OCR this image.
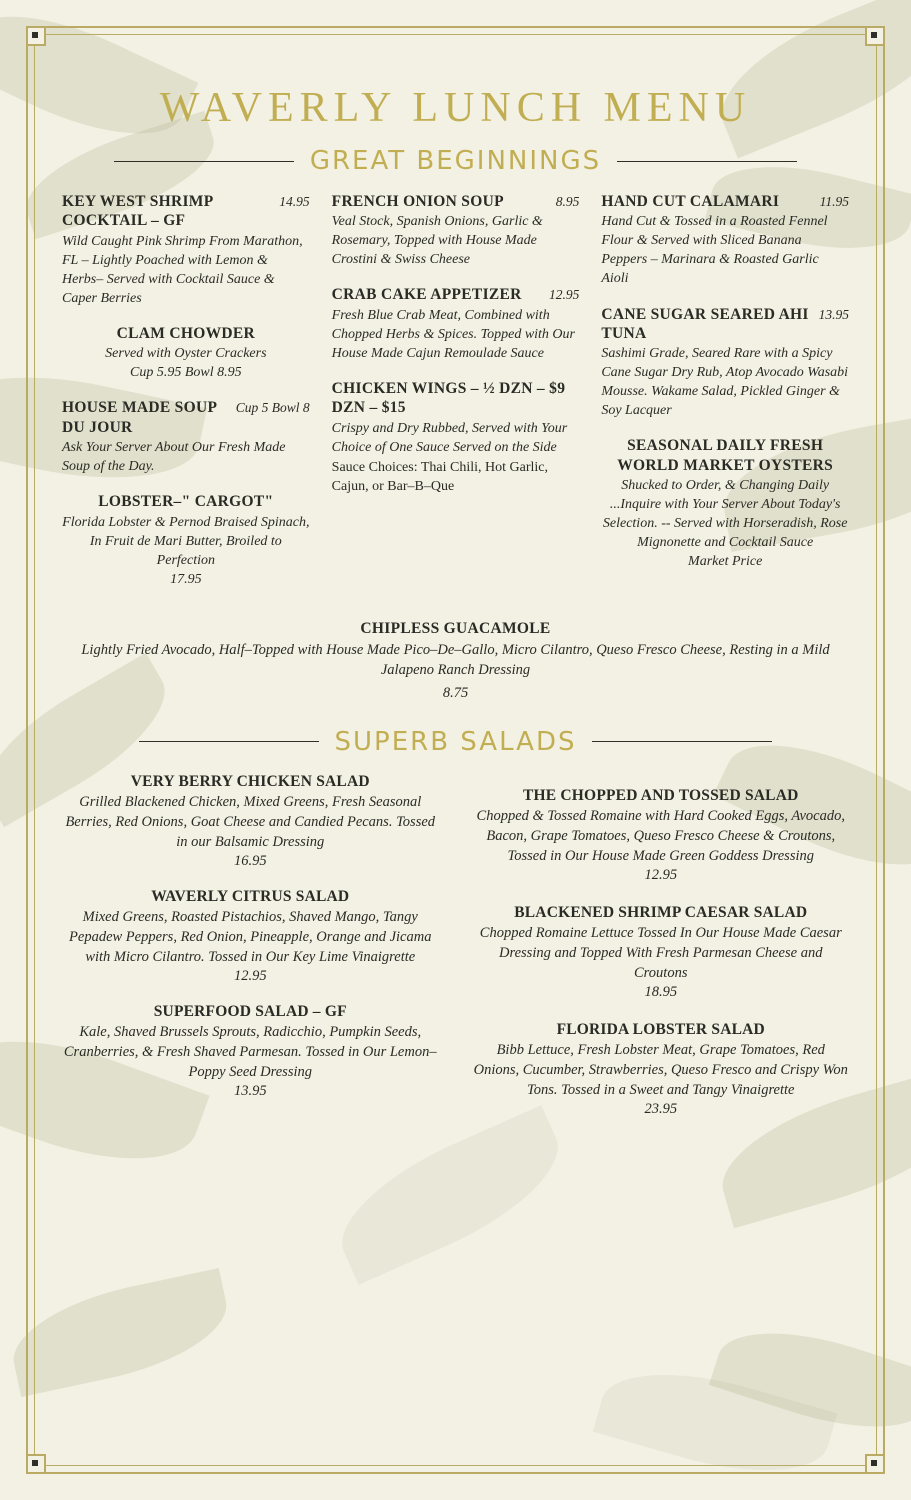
WAVERLY LUNCH MENU
GREAT BEGINNINGS
KEY WEST SHRIMP COCKTAIL – GF
14.95
Wild Caught Pink Shrimp From Marathon, FL – Lightly Poached with Lemon & Herbs– Served with Cocktail Sauce & Caper Berries
CLAM CHOWDER
Served with Oyster Crackers
Cup 5.95 Bowl 8.95
HOUSE MADE SOUP DU JOUR
Cup 5 Bowl 8
Ask Your Server About Our Fresh Made Soup of the Day.
LOBSTER–" CARGOT"
Florida Lobster & Pernod Braised Spinach, In Fruit de Mari Butter, Broiled to Perfection
17.95
FRENCH ONION SOUP	8.95
Veal Stock, Spanish Onions, Garlic & Rosemary, Topped with House Made Crostini & Swiss Cheese
CRAB CAKE APPETIZER 12.95
Fresh Blue Crab Meat, Combined with Chopped Herbs & Spices. Topped with Our House Made Cajun Remoulade Sauce
CHICKEN WINGS – ½ DZN – $9 DZN – $15
Crispy and Dry Rubbed, Served with Your Choice of One Sauce Served on the Side
Sauce Choices: Thai Chili, Hot Garlic, Cajun, or Bar–B–Que
HAND CUT CALAMARI	11.95
Hand Cut & Tossed in a Roasted Fennel Flour & Served with Sliced Banana Peppers – Marinara & Roasted Garlic Aioli
CANE SUGAR SEARED AHI TUNA
13.95
Sashimi Grade, Seared Rare with a Spicy Cane Sugar Dry Rub, Atop Avocado Wasabi Mousse. Wakame Salad, Pickled Ginger & Soy Lacquer
SEASONAL DAILY FRESH WORLD MARKET OYSTERS
Shucked to Order, & Changing Daily ...Inquire with Your Server About Today's Selection. -- Served with Horseradish, Rose Mignonette and Cocktail Sauce
Market Price
CHIPLESS GUACAMOLE
Lightly Fried Avocado, Half–Topped with House Made Pico–De–Gallo, Micro Cilantro, Queso Fresco Cheese, Resting in a Mild Jalapeno Ranch Dressing
8.75
SUPERB SALADS
VERY BERRY CHICKEN SALAD
Grilled Blackened Chicken, Mixed Greens, Fresh Seasonal Berries, Red Onions, Goat Cheese and Candied Pecans. Tossed in our Balsamic Dressing
16.95
WAVERLY CITRUS SALAD
Mixed Greens, Roasted Pistachios, Shaved Mango, Tangy Pepadew Peppers, Red Onion, Pineapple, Orange and Jicama with Micro Cilantro. Tossed in Our Key Lime Vinaigrette
12.95
SUPERFOOD SALAD – GF
Kale, Shaved Brussels Sprouts, Radicchio, Pumpkin Seeds, Cranberries, & Fresh Shaved Parmesan. Tossed in Our Lemon–Poppy Seed Dressing
13.95
THE CHOPPED AND TOSSED SALAD
Chopped & Tossed Romaine with Hard Cooked Eggs, Avocado, Bacon, Grape Tomatoes, Queso Fresco Cheese & Croutons, Tossed in Our House Made Green Goddess Dressing
12.95
BLACKENED SHRIMP CAESAR SALAD
Chopped Romaine Lettuce Tossed In Our House Made Caesar Dressing and Topped With Fresh Parmesan Cheese and Croutons
18.95
FLORIDA LOBSTER SALAD
Bibb Lettuce, Fresh Lobster Meat, Grape Tomatoes, Red Onions, Cucumber, Strawberries, Queso Fresco and Crispy Won Tons. Tossed in a Sweet and Tangy Vinaigrette
23.95
